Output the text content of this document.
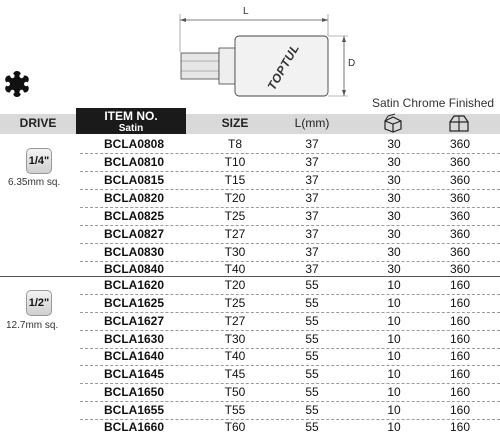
L
D
TOPTUL
Satin Chrome Finished
DRIVE	ITEM NO.
Satin	SIZE	L(mm)
1/4"
6.35mm sq.
BCLA0808	T8	37	30	360
BCLA0810	T10	37	30	360
BCLA0815	T15	37	30	360
BCLA0820	T20	37	30	360
BCLA0825	T25	37	30	360
BCLA0827	T27	37	30	360
BCLA0830	T30	37	30	360
BCLA0840	T40	37	30	360
1/2"
12.7mm sq.
BCLA1620	T20	55	10	160
BCLA1625	T25	55	10	160
BCLA1627	T27	55	10	160
BCLA1630	T30	55	10	160
BCLA1640	T40	55	10	160
BCLA1645	T45	55	10	160
BCLA1650	T50	55	10	160
BCLA1655	T55	55	10	160
BCLA1660	T60	55	10	160
